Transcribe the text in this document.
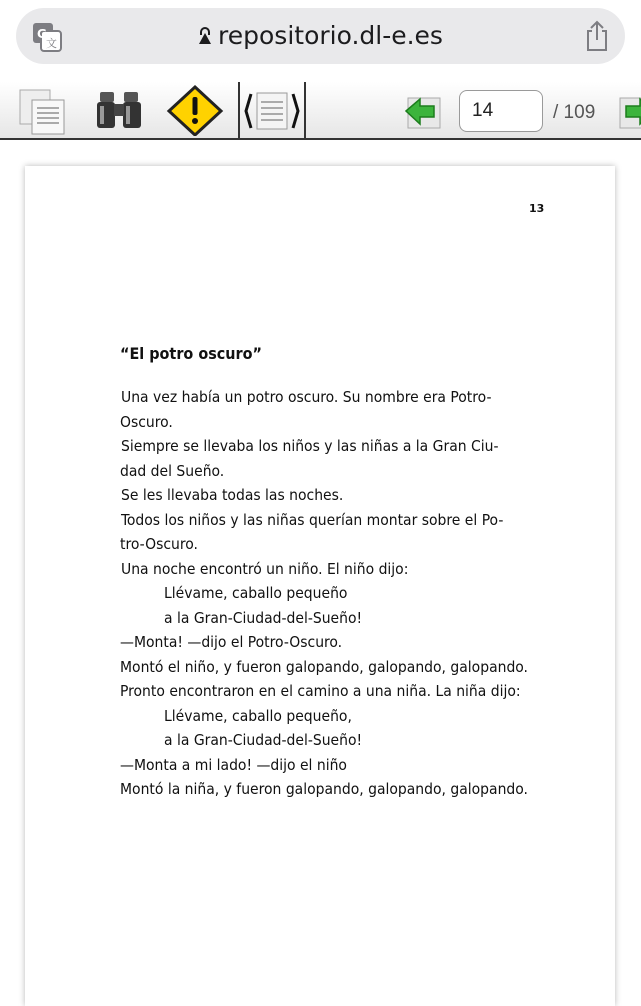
G
文	repositorio.dl-e.es
14
/ 109
13
“El potro oscuro”
Una vez había un potro oscuro. Su nombre era Potro-
Oscuro.
Siempre se llevaba los niños y las niñas a la Gran Ciu-
dad del Sueño.
Se les llevaba todas las noches.
Todos los niños y las niñas querían montar sobre el Po-
tro-Oscuro.
Una noche encontró un niño. El niño dijo:
Llévame, caballo pequeño
a la Gran-Ciudad-del-Sueño!
—Monta! —dijo el Potro-Oscuro.
Montó el niño, y fueron galopando, galopando, galopando.
Pronto encontraron en el camino a una niña. La niña dijo:
Llévame, caballo pequeño,
a la Gran-Ciudad-del-Sueño!
—Monta a mi lado! —dijo el niño
Montó la niña, y fueron galopando, galopando, galopando.
